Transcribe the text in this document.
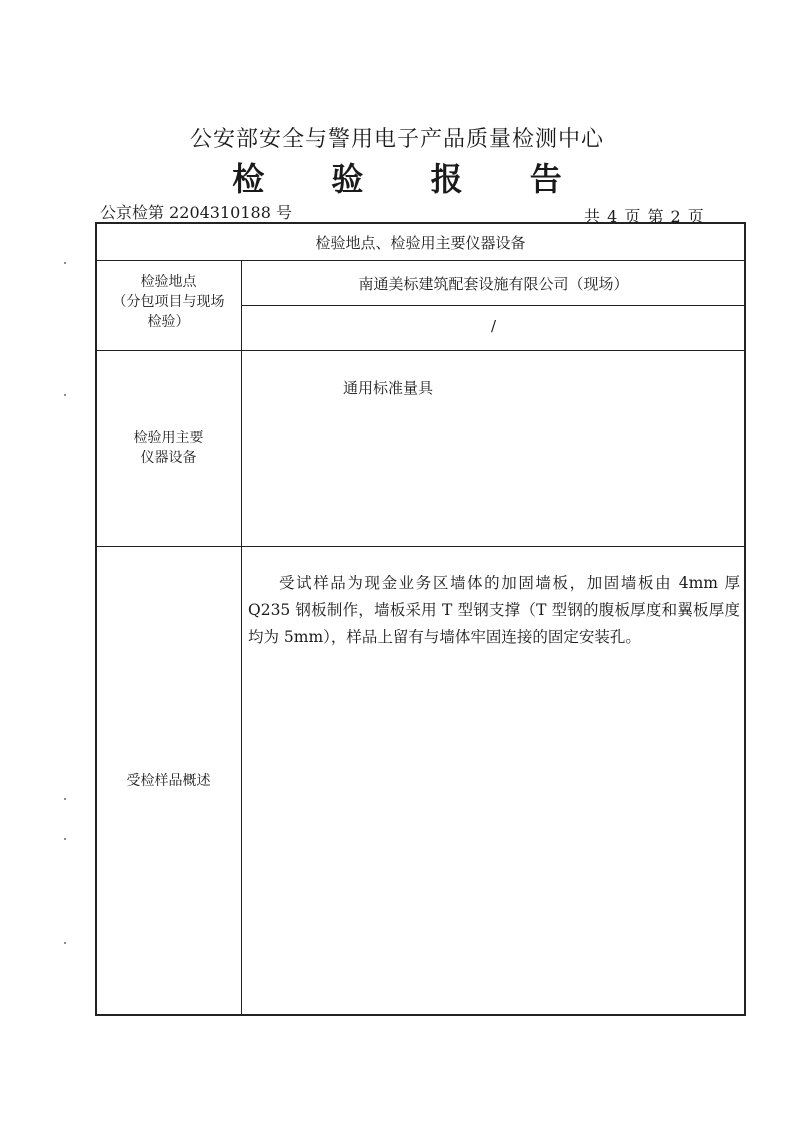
公安部安全与警用电子产品质量检测中心
检 验 报 告
公京检第 2204310188 号	共 4 页 第 2 页
检验地点、检验用主要仪器设备
检验地点
（分包项目与现场
检验）
南通美标建筑配套设施有限公司（现场）
/
检验用主要
仪器设备
通用标准量具
受检样品概述
受试样品为现金业务区墙体的加固墙板，加固墙板由 4mm 厚 Q235 钢板制作，墙板采用 T 型钢支撑（T 型钢的腹板厚度和翼板厚度均为 5mm），样品上留有与墙体牢固连接的固定安装孔。
